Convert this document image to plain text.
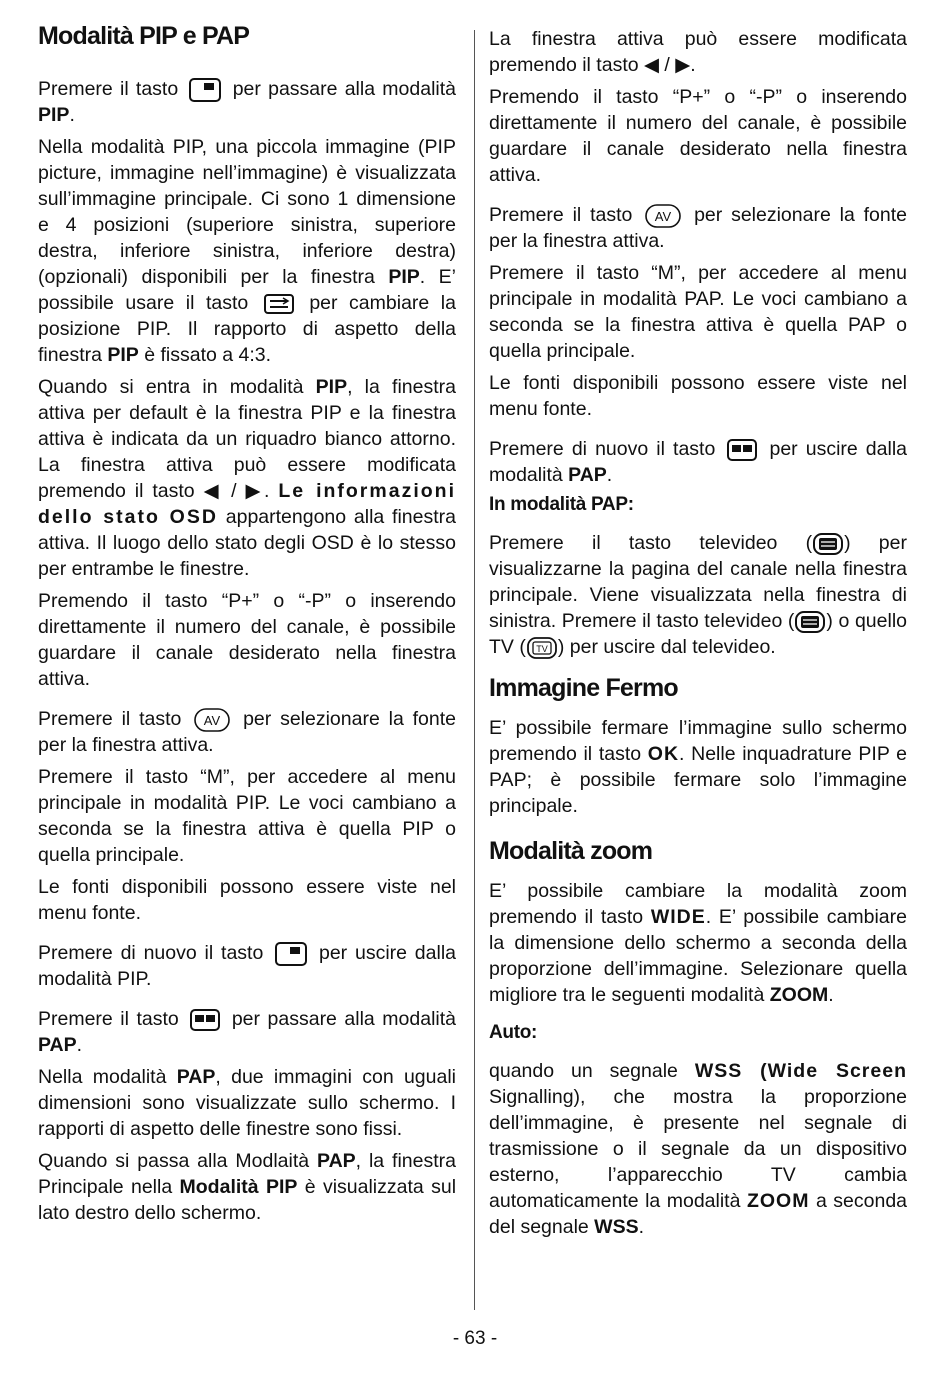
Modalità PIP e PAP

Premere il tasto	per passare alla modalità PIP.

Nella modalità PIP, una piccola immagine (PIP picture, immagine nell’immagine) è visualizzata sull’immagine principale. Ci sono 1 dimensione e 4 posizioni (superiore sinistra, superiore destra, inferiore sinistra, inferiore destra) (opzionali) disponibili per la finestra PIP. E’ possibile usare il tasto	per cambiare la posizione PIP. Il rapporto di aspetto della finestra PIP è fissato a 4:3.

Quando si entra in modalità PIP, la finestra attiva per default è la finestra PIP e la finestra attiva è indicata da un riquadro bianco attorno. La finestra attiva può essere modificata premendo il tasto ◀ / ▶. Le informazioni dello stato OSD appartengono alla finestra attiva. Il luogo dello stato degli OSD è lo stesso per entrambe le finestre.

Premendo il tasto “P+” o “-P” o inserendo direttamente il numero del canale, è possibile guardare il canale desiderato nella finestra attiva.

Premere il tasto AV per selezionare la fonte per la finestra attiva.

Premere il tasto “M”, per accedere al menu principale in modalità PIP. Le voci cambiano a seconda se la finestra attiva è quella PIP o quella principale.

Le fonti disponibili possono essere viste nel menu fonte.

Premere di nuovo il tasto	per uscire dalla modalità PIP.

Premere il tasto	per passare alla modalità PAP.

Nella modalità PAP, due immagini con uguali dimensioni sono visualizzate sullo schermo. I rapporti di aspetto delle finestre sono fissi.

Quando si passa alla Modlaità PAP, la finestra Principale nella Modalità PIP è visualizzata sul lato destro dello schermo.

La finestra attiva può essere modificata premendo il tasto ◀ / ▶.

Premendo il tasto “P+” o “-P” o inserendo direttamente il numero del canale, è possibile guardare il canale desiderato nella finestra attiva.

Premere il tasto AV per selezionare la fonte per la finestra attiva.

Premere il tasto “M”, per accedere al menu principale in modalità PAP. Le voci cambiano a seconda se la finestra attiva è quella PAP o quella principale.

Le fonti disponibili possono essere viste nel menu fonte.

Premere di nuovo il tasto	per uscire dalla modalità PAP.

In modalità PAP:

Premere il tasto televideo ( ) per visualizzarne la pagina del canale nella finestra principale. Viene visualizzata nella finestra di sinistra. Premere il tasto televideo ( ) o quello TV ( TV ) per uscire dal televideo.

Immagine Fermo

E’ possibile fermare l’immagine sullo schermo premendo il tasto OK. Nelle inquadrature PIP e PAP; è possibile fermare solo l’immagine principale.

Modalità zoom

E’ possibile cambiare la modalità zoom premendo il tasto WIDE. E’ possibile cambiare la dimensione dello schermo a seconda della proporzione dell’immagine. Selezionare quella migliore tra le seguenti modalità ZOOM.

Auto:

quando un segnale WSS (Wide Screen Signalling), che mostra la proporzione dell’immagine, è presente nel segnale di trasmissione o il segnale da un dispositivo esterno, l’apparecchio TV cambia automaticamente la modalità ZOOM a seconda del segnale WSS.

- 63 -
